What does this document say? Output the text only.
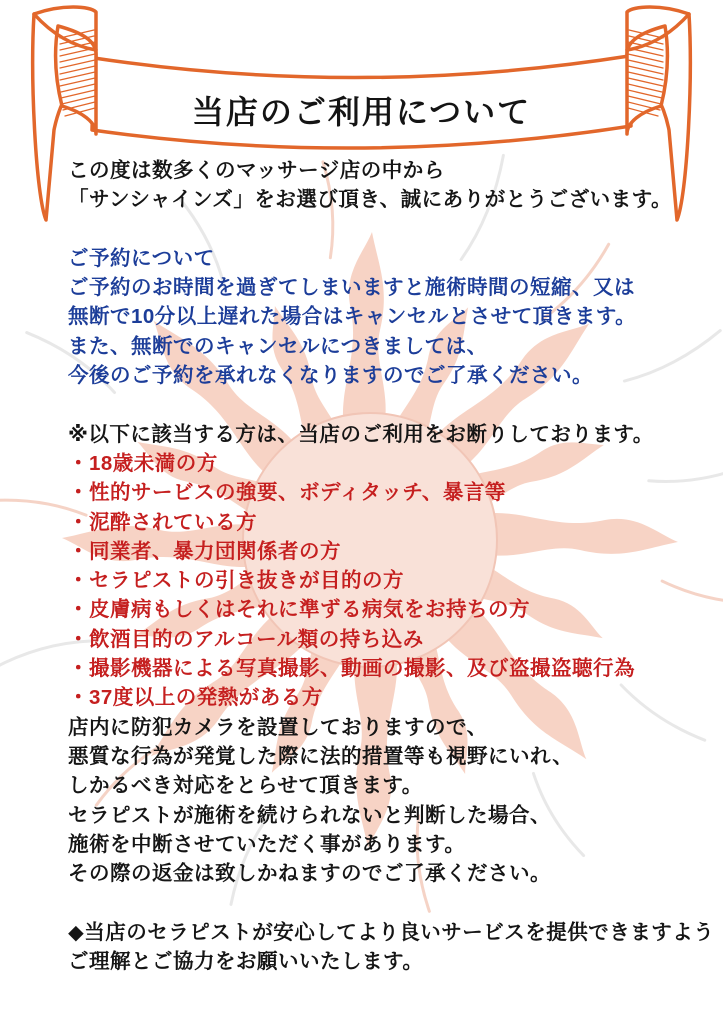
当店のご利用について
この度は数多くのマッサージ店の中から
「サンシャインズ」をお選び頂き、誠にありがとうございます。
ご予約について
ご予約のお時間を過ぎてしまいますと施術時間の短縮、又は
無断で10分以上遅れた場合はキャンセルとさせて頂きます。
また、無断でのキャンセルにつきましては、
今後のご予約を承れなくなりますのでご了承ください。
※以下に該当する方は、当店のご利用をお断りしております。
・18歳未満の方
・性的サービスの強要、ボディタッチ、暴言等
・泥酔されている方
・同業者、暴力団関係者の方
・セラピストの引き抜きが目的の方
・皮膚病もしくはそれに準ずる病気をお持ちの方
・飲酒目的のアルコール類の持ち込み
・撮影機器による写真撮影、動画の撮影、及び盗撮盗聴行為
・37度以上の発熱がある方
店内に防犯カメラを設置しておりますので、
悪質な行為が発覚した際に法的措置等も視野にいれ、
しかるべき対応をとらせて頂きます。
セラピストが施術を続けられないと判断した場合、
施術を中断させていただく事があります。
その際の返金は致しかねますのでご了承ください。
◆当店のセラピストが安心してより良いサービスを提供できますよう
ご理解とご協力をお願いいたします。
